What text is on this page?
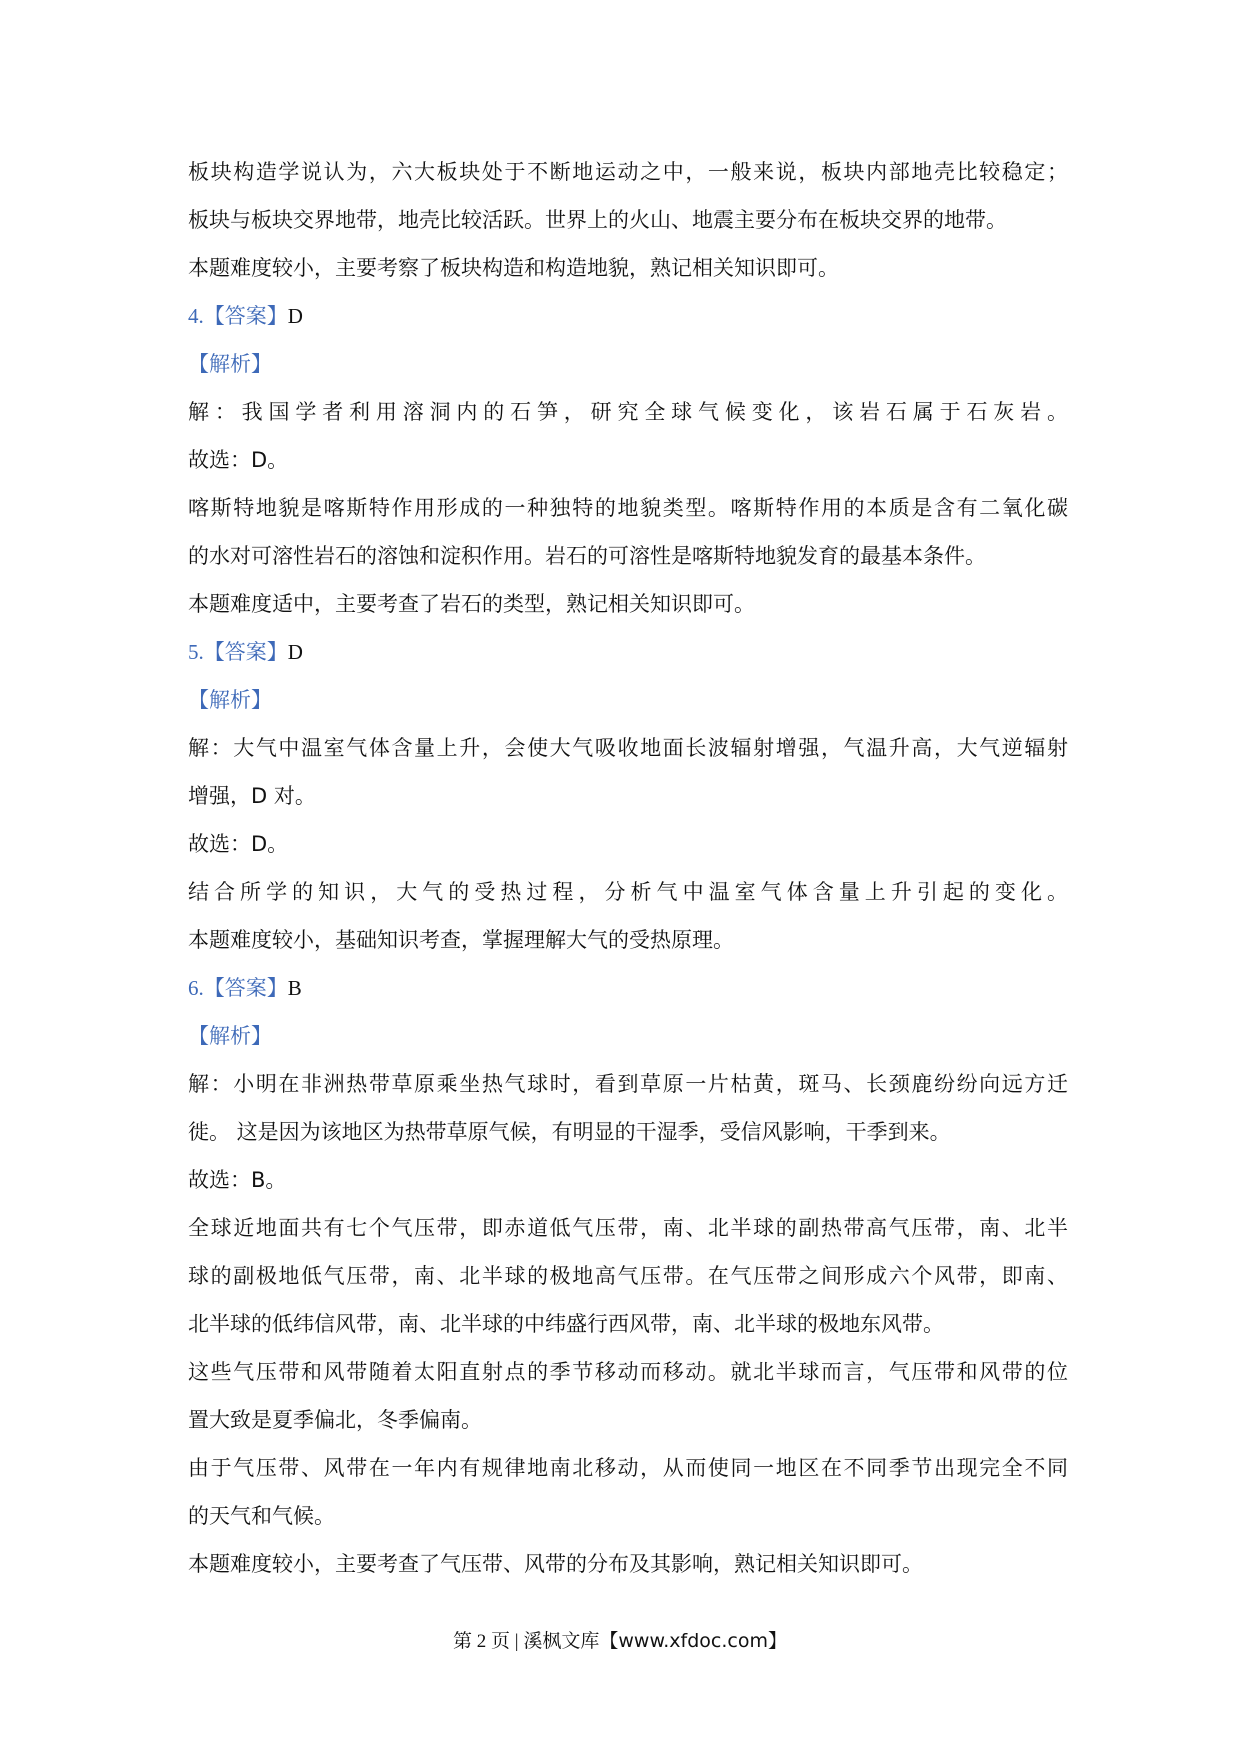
板块构造学说认为，六大板块处于不断地运动之中，一般来说，板块内部地壳比较稳定；
板块与板块交界地带，地壳比较活跃。世界上的火山、地震主要分布在板块交界的地带。
本题难度较小，主要考察了板块构造和构造地貌，熟记相关知识即可。
4.【答案】D
【解析】
解：我国学者利用溶洞内的石笋，研究全球气候变化，该岩石属于石灰岩。
故选：D。
喀斯特地貌是喀斯特作用形成的一种独特的地貌类型。喀斯特作用的本质是含有二氧化碳
的水对可溶性岩石的溶蚀和淀积作用。岩石的可溶性是喀斯特地貌发育的最基本条件。
本题难度适中，主要考查了岩石的类型，熟记相关知识即可。
5.【答案】D
【解析】
解：大气中温室气体含量上升，会使大气吸收地面长波辐射增强，气温升高，大气逆辐射
增强，D 对。
故选：D。
结合所学的知识，大气的受热过程，分析气中温室气体含量上升引起的变化。
本题难度较小，基础知识考查，掌握理解大气的受热原理。
6.【答案】B
【解析】
解：小明在非洲热带草原乘坐热气球时，看到草原一片枯黄，斑马、长颈鹿纷纷向远方迁
徙。 这是因为该地区为热带草原气候，有明显的干湿季，受信风影响，干季到来。
故选：B。
全球近地面共有七个气压带，即赤道低气压带，南、北半球的副热带高气压带，南、北半
球的副极地低气压带，南、北半球的极地高气压带。在气压带之间形成六个风带，即南、
北半球的低纬信风带，南、北半球的中纬盛行西风带，南、北半球的极地东风带。
这些气压带和风带随着太阳直射点的季节移动而移动。就北半球而言，气压带和风带的位
置大致是夏季偏北，冬季偏南。
由于气压带、风带在一年内有规律地南北移动，从而使同一地区在不同季节出现完全不同
的天气和气候。
本题难度较小，主要考查了气压带、风带的分布及其影响，熟记相关知识即可。
第 2 页 | 溪枫文库【www.xfdoc.com】
